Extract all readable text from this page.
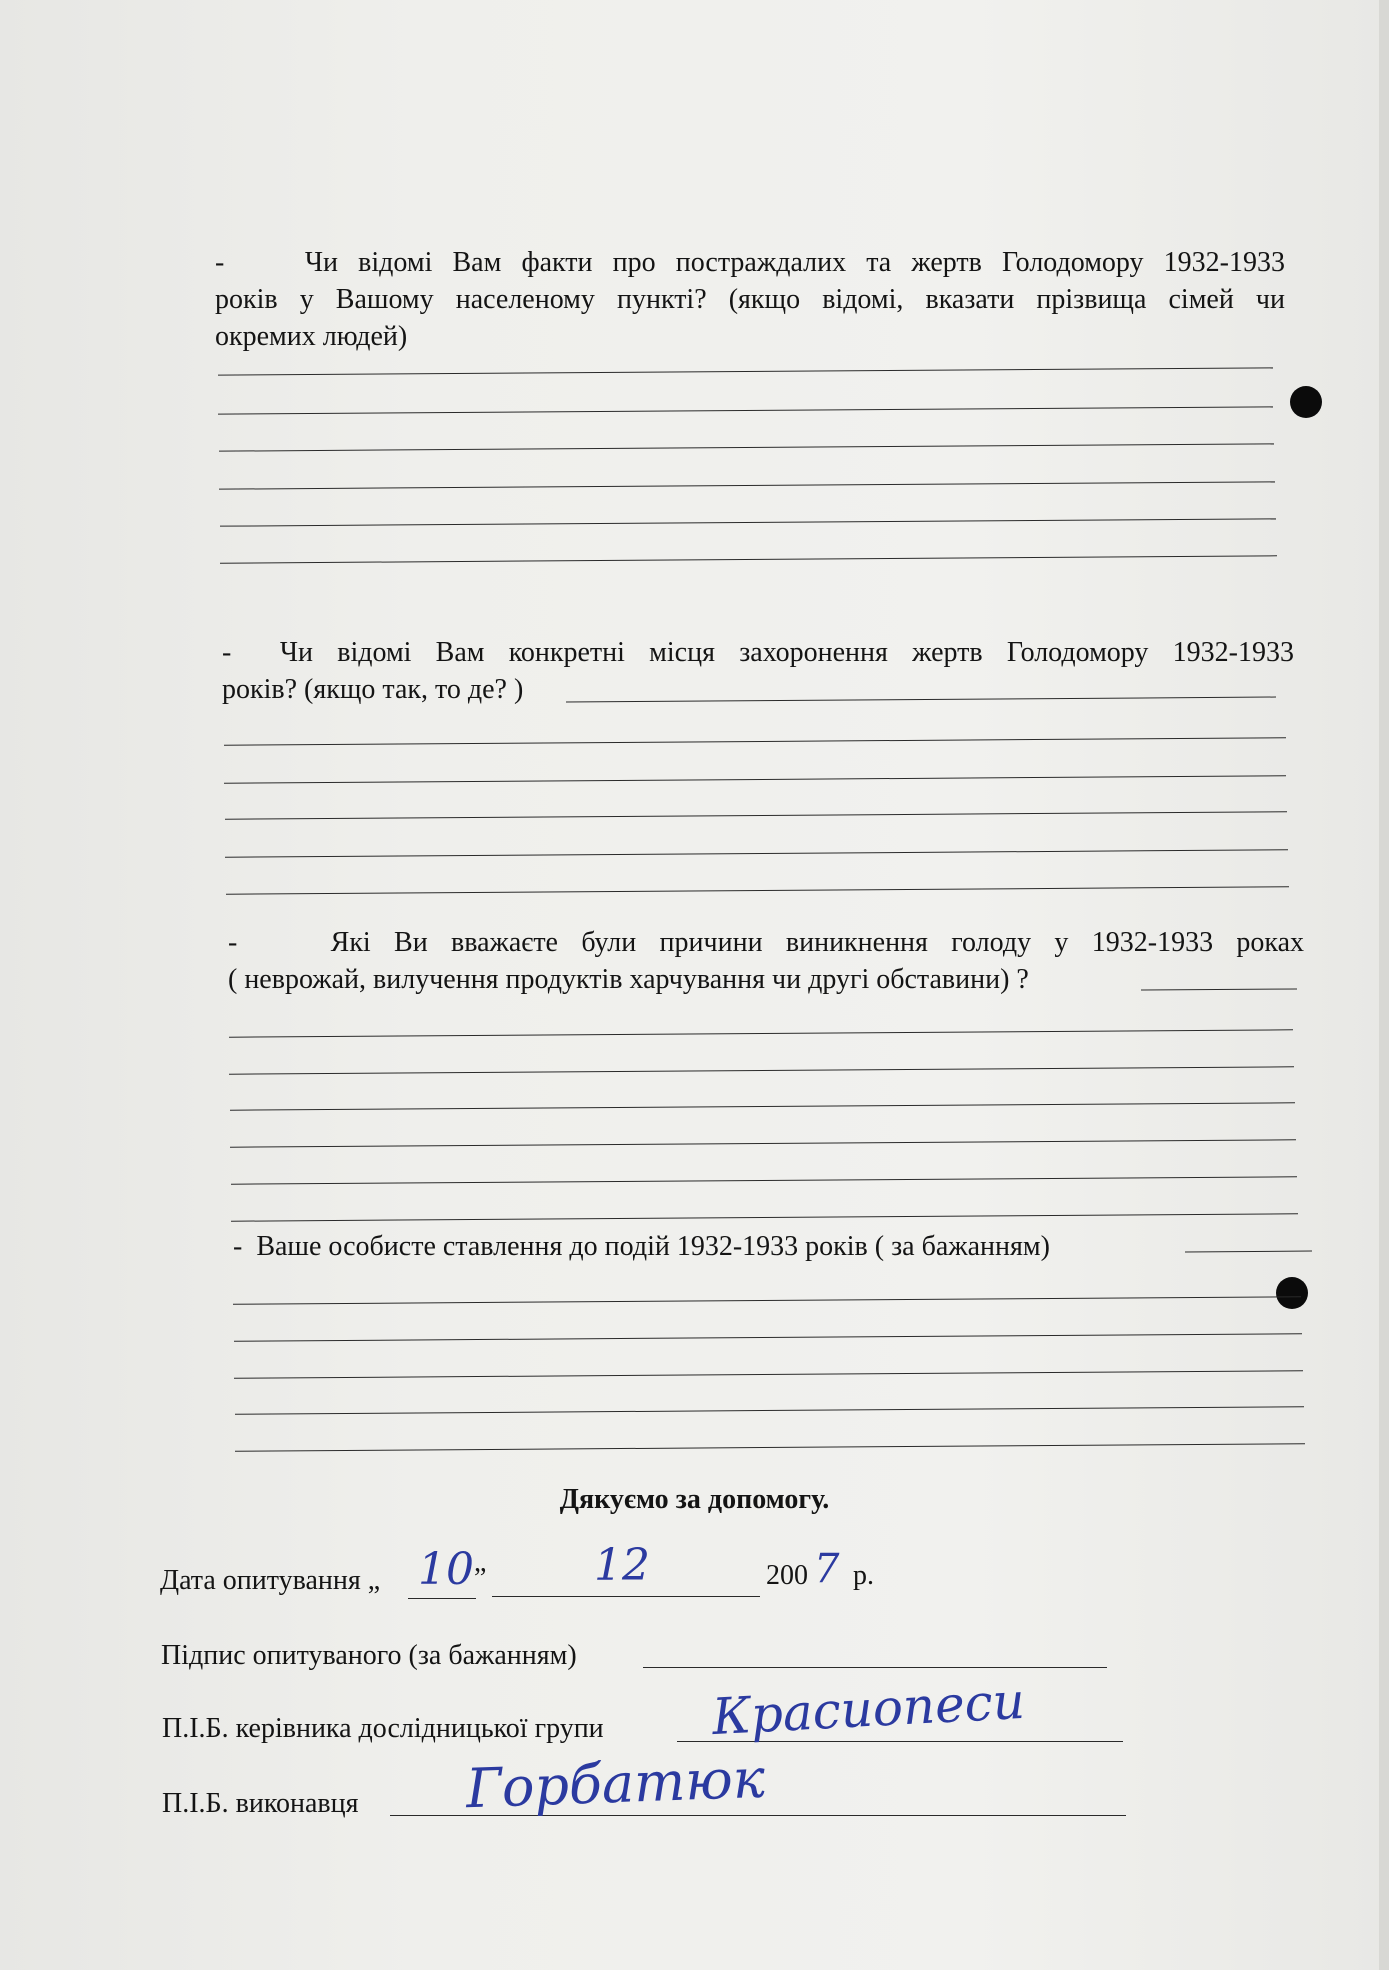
-	Чи відомі Вам факти про постраждалих та жертв Голодомору 1932-1933
років у Вашому населеному пункті? (якщо відомі, вказати прізвища сімей чи
окремих людей)
- Чи відомі Вам конкретні місця захоронення жертв Голодомору 1932-1933
років? (якщо так, то де? )
-	Які Ви вважаєте були причини виникнення голоду у 1932-1933 роках
( неврожай, вилучення продуктів харчування чи другі обставини) ?
- Ваше особисте ставлення до подій 1932-1933 років ( за бажанням)
Дякуємо за допомогу.
Дата опитування „ 10 ” 12	200 7 р.
Підпис опитуваного (за бажанням)
П.І.Б. керівника дослідницької групи Красиопеси
П.І.Б. виконавця Горбатюк
